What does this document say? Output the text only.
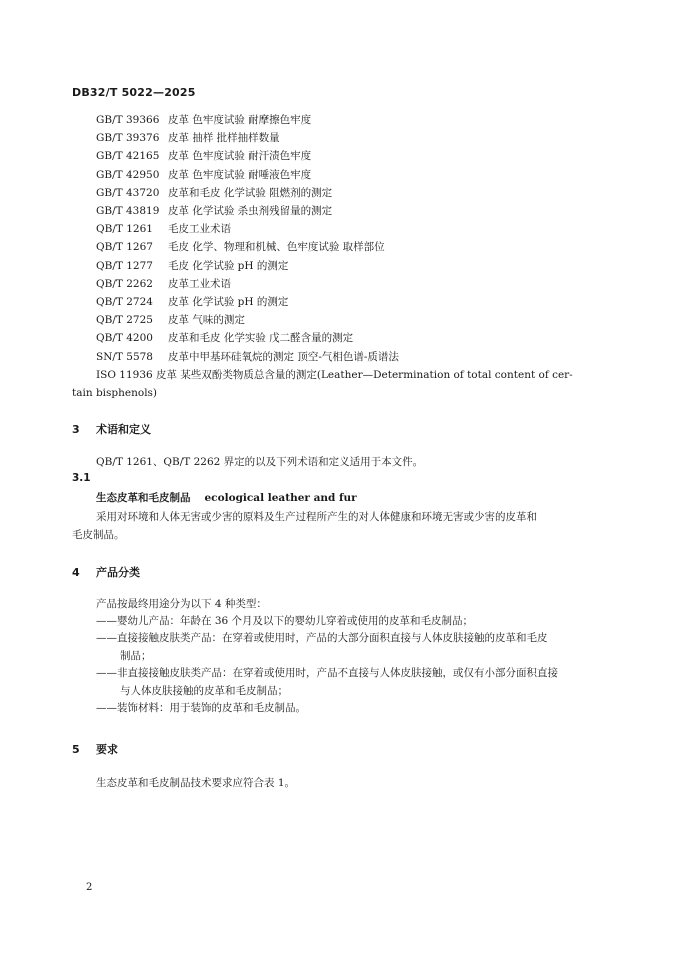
DB32/T 5022—2025
GB/T 39366 皮革 色牢度试验 耐摩擦色牢度
GB/T 39376 皮革 抽样 批样抽样数量
GB/T 42165 皮革 色牢度试验 耐汗渍色牢度
GB/T 42950 皮革 色牢度试验 耐唾液色牢度
GB/T 43720 皮革和毛皮 化学试验 阻燃剂的测定
GB/T 43819 皮革 化学试验 杀虫剂残留量的测定
QB/T 1261 毛皮工业术语
QB/T 1267 毛皮 化学、物理和机械、色牢度试验 取样部位
QB/T 1277 毛皮 化学试验 pH 的测定
QB/T 2262 皮革工业术语
QB/T 2724 皮革 化学试验 pH 的测定
QB/T 2725 皮革 气味的测定
QB/T 4200 皮革和毛皮 化学实验 戊二醛含量的测定
SN/T 5578 皮革中甲基环硅氧烷的测定 顶空-气相色谱-质谱法
ISO 11936 皮革 某些双酚类物质总含量的测定(Leather—Determination of total content of cer-
tain bisphenols)
3 术语和定义
QB/T 1261、QB/T 2262 界定的以及下列术语和定义适用于本文件。
3.1
生态皮革和毛皮制品 ecological leather and fur
采用对环境和人体无害或少害的原料及生产过程所产生的对人体健康和环境无害或少害的皮革和
毛皮制品。
4 产品分类
产品按最终用途分为以下 4 种类型：
——婴幼儿产品：年龄在 36 个月及以下的婴幼儿穿着或使用的皮革和毛皮制品；
——直接接触皮肤类产品：在穿着或使用时，产品的大部分面积直接与人体皮肤接触的皮革和毛皮
制品；
——非直接接触皮肤类产品：在穿着或使用时，产品不直接与人体皮肤接触，或仅有小部分面积直接
与人体皮肤接触的皮革和毛皮制品；
——装饰材料：用于装饰的皮革和毛皮制品。
5 要求
生态皮革和毛皮制品技术要求应符合表 1。
2
